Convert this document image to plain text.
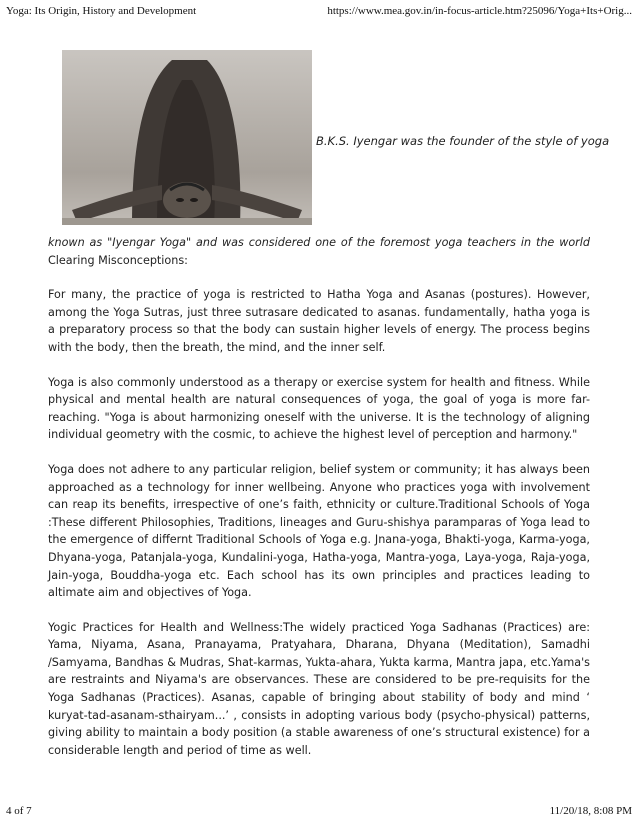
Yoga: Its Origin, History and Development	https://www.mea.gov.in/in-focus-article.htm?25096/Yoga+Its+Orig...
B.K.S. Iyengar was the founder of the style of yoga

known as "Iyengar Yoga" and was considered one of the foremost yoga teachers in the world Clearing Misconceptions:

For many, the practice of yoga is restricted to Hatha Yoga and Asanas (postures). However, among the Yoga Sutras, just three sutrasare dedicated to asanas. fundamentally, hatha yoga is a preparatory process so that the body can sustain higher levels of energy. The process begins with the body, then the breath, the mind, and the inner self.

Yoga is also commonly understood as a therapy or exercise system for health and fitness. While physical and mental health are natural consequences of yoga, the goal of yoga is more far-reaching. "Yoga is about harmonizing oneself with the universe. It is the technology of aligning individual geometry with the cosmic, to achieve the highest level of perception and harmony."

Yoga does not adhere to any particular religion, belief system or community; it has always been approached as a technology for inner wellbeing. Anyone who practices yoga with involvement can reap its benefits, irrespective of one’s faith, ethnicity or culture.Traditional Schools of Yoga :These different Philosophies, Traditions, lineages and Guru-shishya paramparas of Yoga lead to the emergence of differnt Traditional Schools of Yoga e.g. Jnana-yoga, Bhakti-yoga, Karma-yoga, Dhyana-yoga, Patanjala-yoga, Kundalini-yoga, Hatha-yoga, Mantra-yoga, Laya-yoga, Raja-yoga, Jain-yoga, Bouddha-yoga etc. Each school has its own principles and practices leading to altimate aim and objectives of Yoga.

Yogic Practices for Health and Wellness:The widely practiced Yoga Sadhanas (Practices) are: Yama, Niyama, Asana, Pranayama, Pratyahara, Dharana, Dhyana (Meditation), Samadhi /Samyama, Bandhas & Mudras, Shat-karmas, Yukta-ahara, Yukta karma, Mantra japa, etc.Yama's are restraints and Niyama's are observances. These are considered to be pre-requisits for the Yoga Sadhanas (Practices). Asanas, capable of bringing about stability of body and mind ‘ kuryat-tad-asanam-sthairyam...’ , consists in adopting various body (psycho-physical) patterns, giving ability to maintain a body position (a stable awareness of one’s structural existence) for a considerable length and period of time as well.

4 of 7	11/20/18, 8:08 PM
